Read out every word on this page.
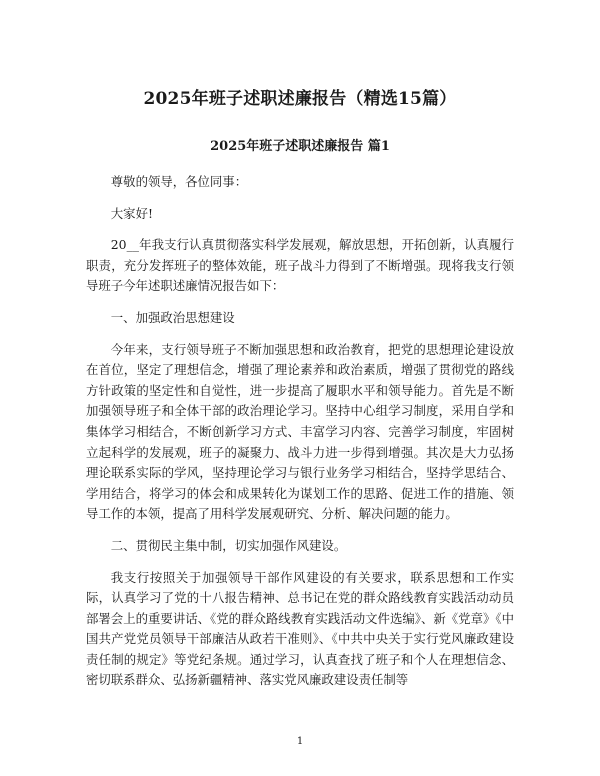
2025年班子述职述廉报告（精选15篇）
2025年班子述职述廉报告 篇1

尊敬的领导，各位同事：

大家好!

20__年我支行认真贯彻落实科学发展观，解放思想，开拓创新，认真履行职责，充分发挥班子的整体效能，班子战斗力得到了不断增强。现将我支行领导班子今年述职述廉情况报告如下：

一、加强政治思想建设

今年来，支行领导班子不断加强思想和政治教育，把党的思想理论建设放在首位，坚定了理想信念，增强了理论素养和政治素质，增强了贯彻党的路线方针政策的坚定性和自觉性，进一步提高了履职水平和领导能力。首先是不断加强领导班子和全体干部的政治理论学习。坚持中心组学习制度，采用自学和集体学习相结合，不断创新学习方式、丰富学习内容、完善学习制度，牢固树立起科学的发展观，班子的凝聚力、战斗力进一步得到增强。其次是大力弘扬理论联系实际的学风，坚持理论学习与银行业务学习相结合，坚持学思结合、学用结合，将学习的体会和成果转化为谋划工作的思路、促进工作的措施、领导工作的本领，提高了用科学发展观研究、分析、解决问题的能力。

二、贯彻民主集中制，切实加强作风建设。

我支行按照关于加强领导干部作风建设的有关要求，联系思想和工作实际，认真学习了党的十八报告精神、总书记在党的群众路线教育实践活动动员部署会上的重要讲话、《党的群众路线教育实践活动文件选编》、新《党章》《中国共产党党员领导干部廉洁从政若干准则》、《中共中央关于实行党风廉政建设责任制的规定》等党纪条规。通过学习，认真查找了班子和个人在理想信念、密切联系群众、弘扬新疆精神、落实党风廉政建设责任制等

1
